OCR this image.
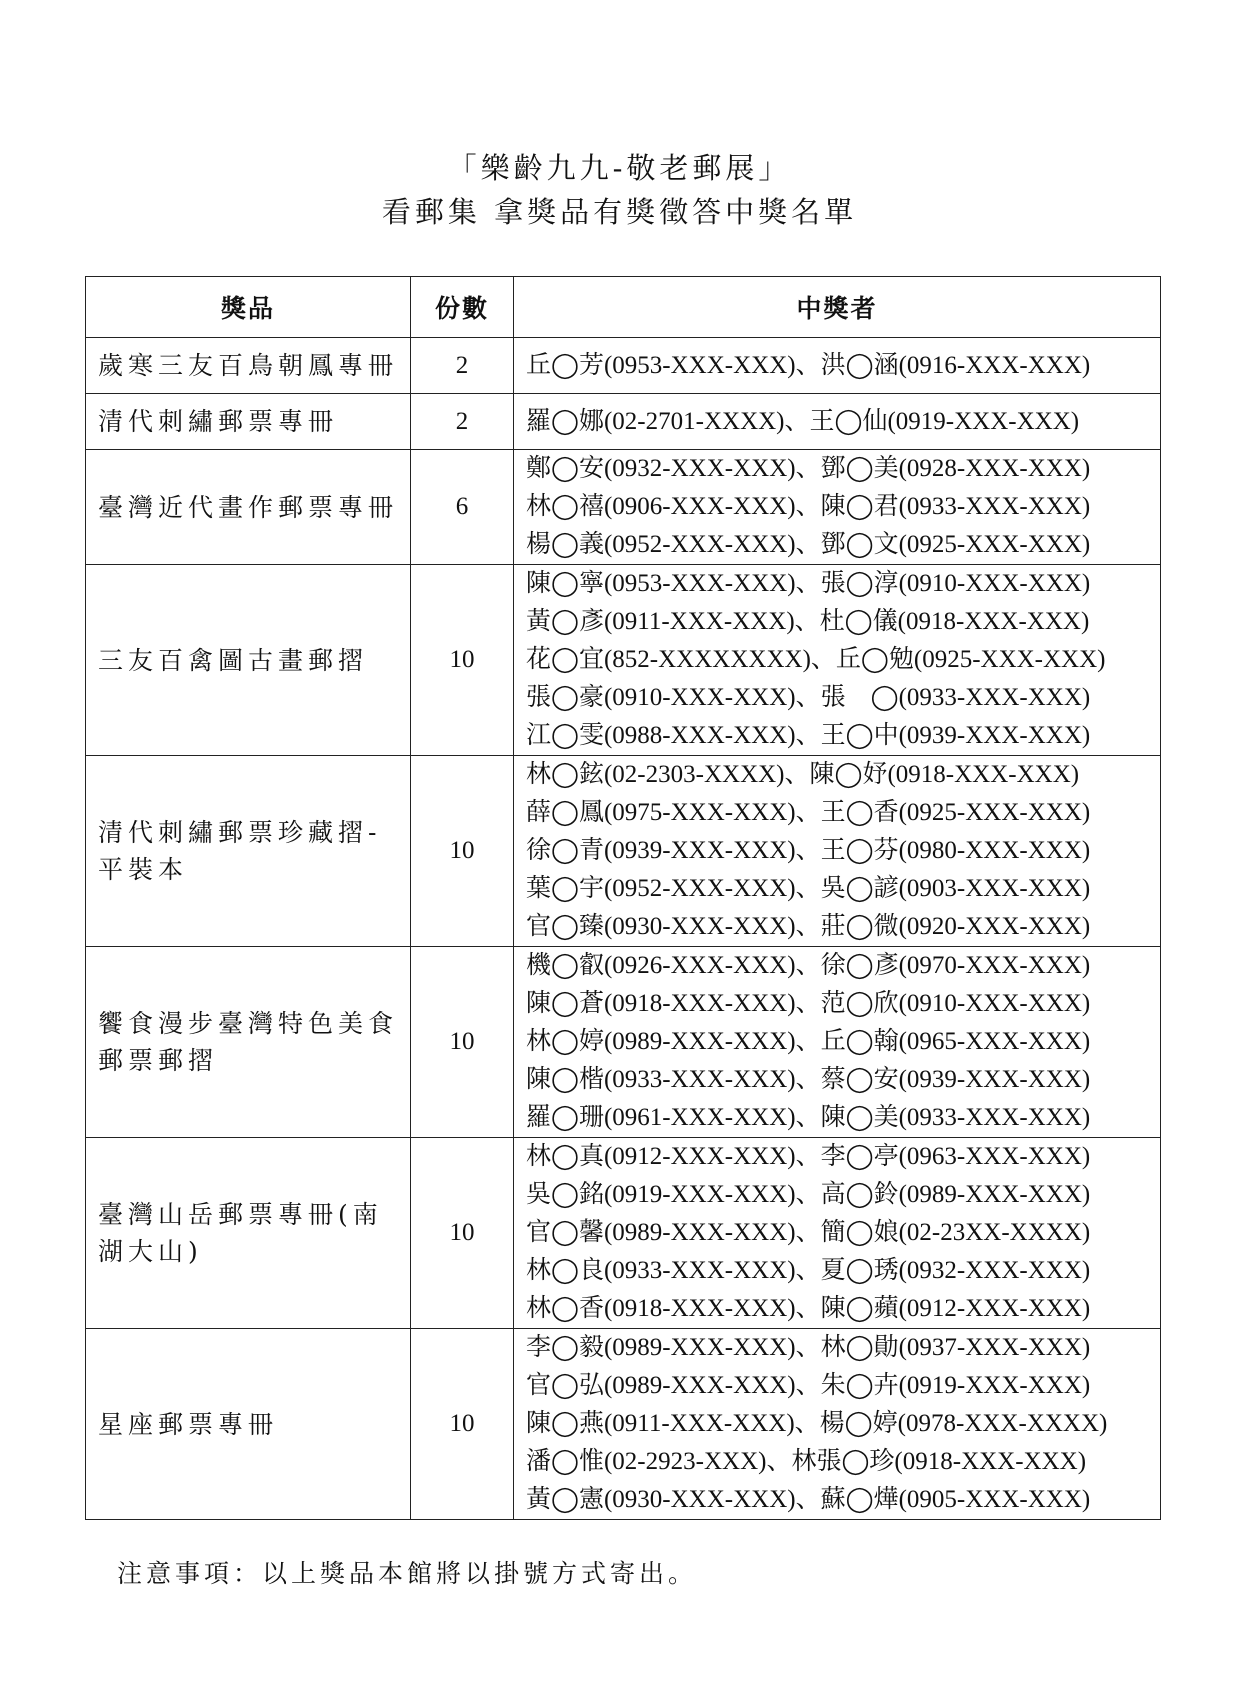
「樂齡九九-敬老郵展」
看郵集 拿獎品有獎徵答中獎名單
獎品	份數	中獎者
歲寒三友百鳥朝鳳專冊	2	丘◯芳(0953-XXX-XXX)、洪◯涵(0916-XXX-XXX)

清代刺繡郵票專冊	2	羅◯娜(02-2701-XXXX)、王◯仙(0919-XXX-XXX)

臺灣近代畫作郵票專冊	6	鄭◯安(0932-XXX-XXX)、鄧◯美(0928-XXX-XXX)
林◯禧(0906-XXX-XXX)、陳◯君(0933-XXX-XXX)
楊◯義(0952-XXX-XXX)、鄧◯文(0925-XXX-XXX)

三友百禽圖古畫郵摺	10	陳◯寧(0953-XXX-XXX)、張◯淳(0910-XXX-XXX)
黃◯彥(0911-XXX-XXX)、杜◯儀(0918-XXX-XXX)
花◯宜(852-XXXXXXXX)、丘◯勉(0925-XXX-XXX)
張◯豪(0910-XXX-XXX)、張　◯(0933-XXX-XXX)
江◯雯(0988-XXX-XXX)、王◯中(0939-XXX-XXX)

清代刺繡郵票珍藏摺-平裝本	10	林◯鉉(02-2303-XXXX)、陳◯妤(0918-XXX-XXX)
薛◯鳳(0975-XXX-XXX)、王◯香(0925-XXX-XXX)
徐◯青(0939-XXX-XXX)、王◯芬(0980-XXX-XXX)
葉◯宇(0952-XXX-XXX)、吳◯諺(0903-XXX-XXX)
官◯臻(0930-XXX-XXX)、莊◯微(0920-XXX-XXX)

饗食漫步臺灣特色美食郵票郵摺	10	機◯叡(0926-XXX-XXX)、徐◯彥(0970-XXX-XXX)
陳◯蒼(0918-XXX-XXX)、范◯欣(0910-XXX-XXX)
林◯婷(0989-XXX-XXX)、丘◯翰(0965-XXX-XXX)
陳◯楷(0933-XXX-XXX)、蔡◯安(0939-XXX-XXX)
羅◯珊(0961-XXX-XXX)、陳◯美(0933-XXX-XXX)

臺灣山岳郵票專冊(南湖大山)	10	林◯真(0912-XXX-XXX)、李◯亭(0963-XXX-XXX)
吳◯銘(0919-XXX-XXX)、高◯鈴(0989-XXX-XXX)
官◯馨(0989-XXX-XXX)、簡◯娘(02-23XX-XXXX)
林◯良(0933-XXX-XXX)、夏◯琇(0932-XXX-XXX)
林◯香(0918-XXX-XXX)、陳◯蘋(0912-XXX-XXX)

星座郵票專冊	10	李◯毅(0989-XXX-XXX)、林◯勛(0937-XXX-XXX)
官◯弘(0989-XXX-XXX)、朱◯卉(0919-XXX-XXX)
陳◯燕(0911-XXX-XXX)、楊◯婷(0978-XXX-XXXX)
潘◯惟(02-2923-XXX)、林張◯珍(0918-XXX-XXX)
黃◯憲(0930-XXX-XXX)、蘇◯燁(0905-XXX-XXX)
注意事項：以上獎品本館將以掛號方式寄出。
